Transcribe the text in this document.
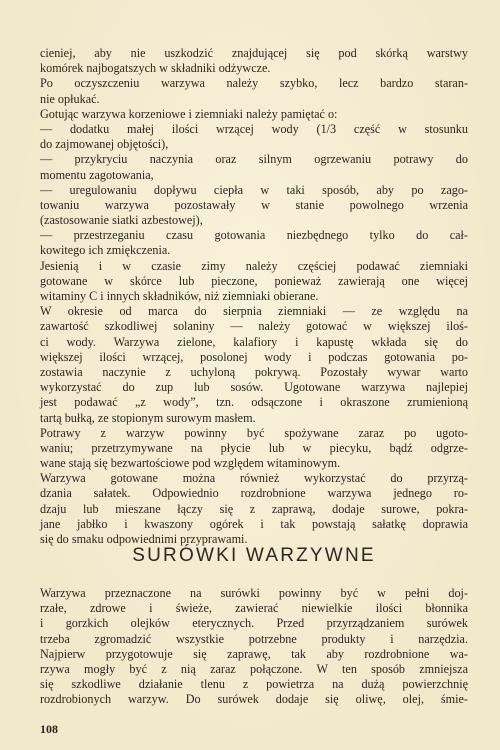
cieniej, aby nie uszkodzić znajdującej się pod skórką warstwy
komórek najbogatszych w składniki odżywcze.
Po oczyszczeniu warzywa należy szybko, lecz bardzo staran-
nie opłukać.
Gotując warzywa korzeniowe i ziemniaki należy pamiętać o:
— dodatku małej ilości wrzącej wody (1/3 część w stosunku
do zajmowanej objętości),
— przykryciu naczynia oraz silnym ogrzewaniu potrawy do
momentu zagotowania,
— uregulowaniu dopływu ciepła w taki sposób, aby po zago-
towaniu warzywa pozostawały w stanie powolnego wrzenia
(zastosowanie siatki azbestowej),
— przestrzeganiu czasu gotowania niezbędnego tylko do cał-
kowitego ich zmiękczenia.
Jesienią i w czasie zimy należy częściej podawać ziemniaki
gotowane w skórce lub pieczone, ponieważ zawierają one więcej
witaminy C i innych składników, niż ziemniaki obierane.
W okresie od marca do sierpnia ziemniaki — ze względu na
zawartość szkodliwej solaniny — należy gotować w większej iloś-
ci wody. Warzywa zielone, kalafiory i kapustę wkłada się do
większej ilości wrzącej, posolonej wody i podczas gotowania po-
zostawia naczynie z uchyloną pokrywą. Pozostały wywar warto
wykorzystać do zup lub sosów. Ugotowane warzywa najlepiej
jest podawać „z wody”, tzn. odsączone i okraszone zrumienioną
tartą bułką, ze stopionym surowym masłem.
Potrawy z warzyw powinny być spożywane zaraz po ugoto-
waniu; przetrzymywane na płycie lub w piecyku, bądź odgrze-
wane stają się bezwartościowe pod względem witaminowym.
Warzywa gotowane można również wykorzystać do przyrzą-
dzania sałatek. Odpowiednio rozdrobnione warzywa jednego ro-
dzaju lub mieszane łączy się z zaprawą, dodaje surowe, pokra-
jane jabłko i kwaszony ogórek i tak powstają sałatkę doprawia
się do smaku odpowiednimi przyprawami.
SURÓWKI WARZYWNE
Warzywa przeznaczone na surówki powinny być w pełni doj-
rzałe, zdrowe i świeże, zawierać niewielkie ilości błonnika
i gorzkich olejków eterycznych. Przed przyrządzaniem surówek
trzeba zgromadzić wszystkie potrzebne produkty i narzędzia.
Najpierw przygotowuje się zaprawę, tak aby rozdrobnione wa-
rzywa mogły być z nią zaraz połączone. W ten sposób zmniejsza
się szkodliwe działanie tlenu z powietrza na dużą powierzchnię
rozdrobionych warzyw. Do surówek dodaje się oliwę, olej, śmie-
108
